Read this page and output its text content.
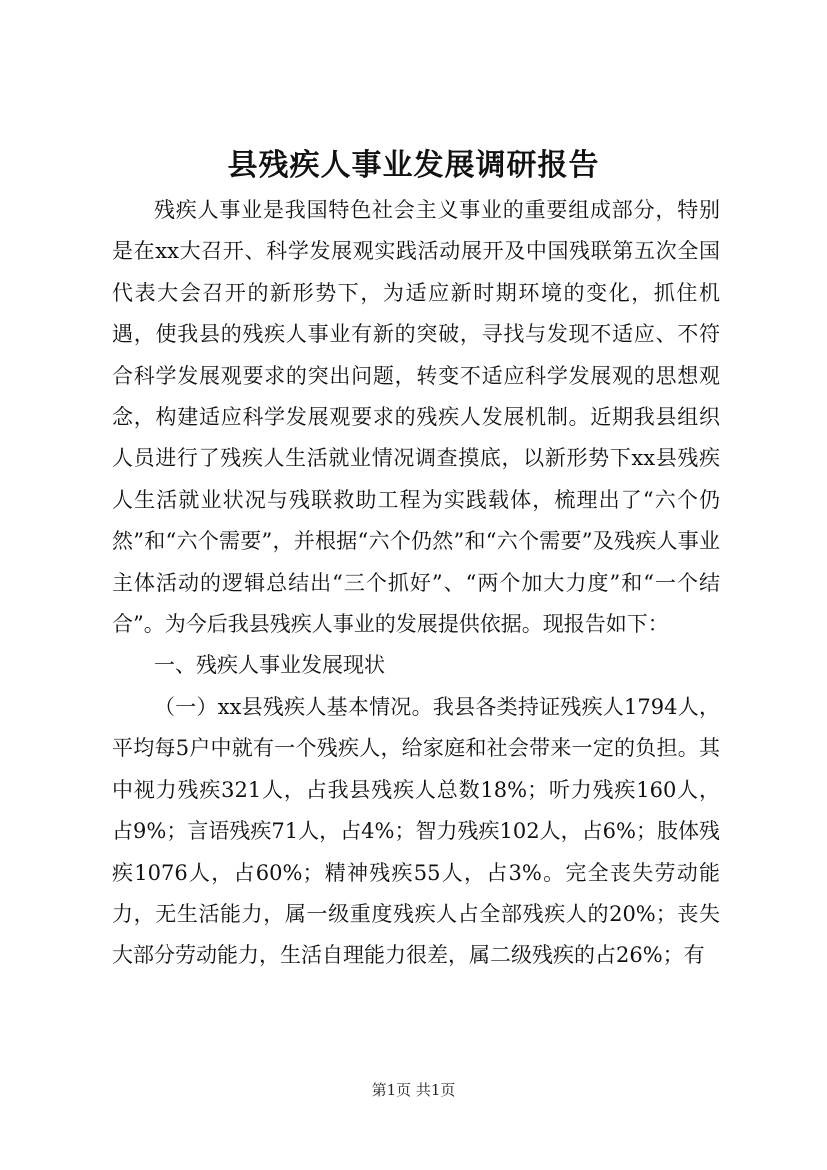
县残疾人事业发展调研报告

残疾人事业是我国特色社会主义事业的重要组成部分，特别是在xx大召开、科学发展观实践活动展开及中国残联第五次全国代表大会召开的新形势下，为适应新时期环境的变化，抓住机遇，使我县的残疾人事业有新的突破，寻找与发现不适应、不符合科学发展观要求的突出问题，转变不适应科学发展观的思想观念，构建适应科学发展观要求的残疾人发展机制。近期我县组织人员进行了残疾人生活就业情况调查摸底，以新形势下xx县残疾人生活就业状况与残联救助工程为实践载体，梳理出了“六个仍然”和“六个需要”，并根据“六个仍然”和“六个需要”及残疾人事业主体活动的逻辑总结出“三个抓好”、“两个加大力度”和“一个结合”。为今后我县残疾人事业的发展提供依据。现报告如下：

一、残疾人事业发展现状

（一）xx县残疾人基本情况。我县各类持证残疾人1794人，平均每5户中就有一个残疾人，给家庭和社会带来一定的负担。其中视力残疾321人，占我县残疾人总数18%；听力残疾160人，占9%；言语残疾71人，占4%；智力残疾102人，占6%；肢体残疾1076人，占60%；精神残疾55人，占3%。完全丧失劳动能力，无生活能力，属一级重度残疾人占全部残疾人的20%；丧失大部分劳动能力，生活自理能力很差，属二级残疾的占26%；有

第1页 共1页
